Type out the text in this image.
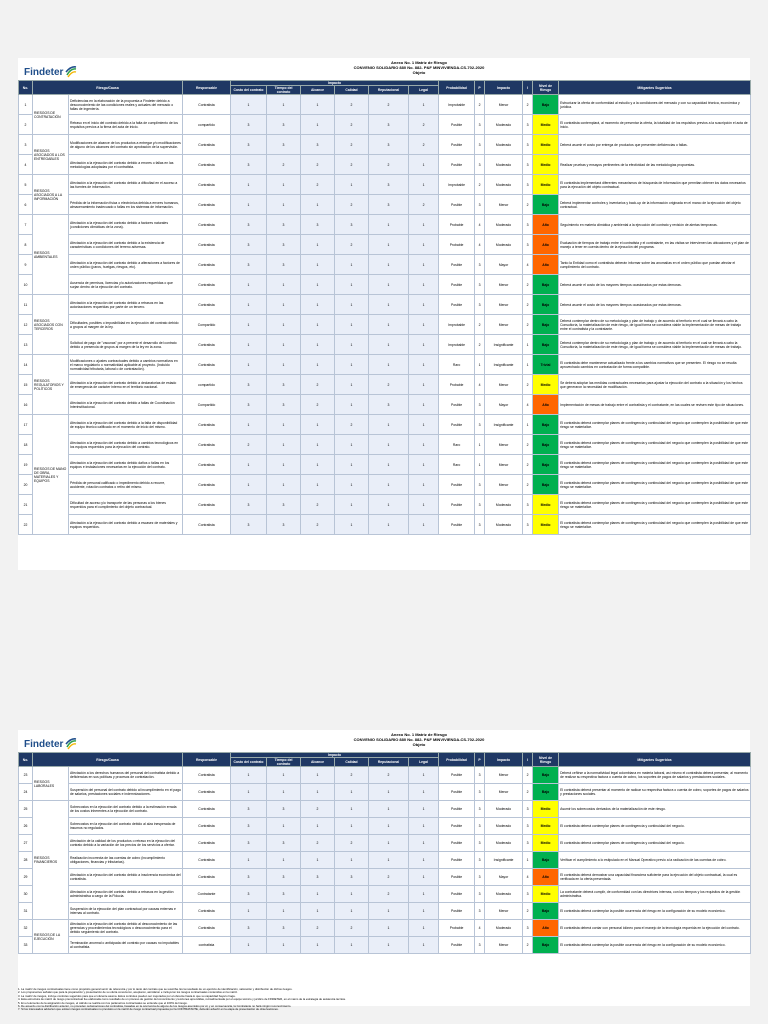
Findeter
Anexo No. 1 Matriz de Riesgo
CONVENIO SOLIDARIO 880 No. 882- P&F MINVIVIENDA-CS-702-2020
Objeto
No.	Riesgo/Causa		Responsable	Impacto						Probabilidad	P	Impacto	I	Nivel de Riesgo	Mitigantes Sugeridos
				Costo del contrato	Tiempo del contrato	Alcance	Calidad	Reputacional	Legal						
1	RIESGOS DE CONTRATACIÓN	Deficiencias en la elaboración de la propuesta a Findeter debido a desconocimiento de las condiciones reales y actuales del mercado o fallas de ingeniería.	Contratista	1	1	1	2	2	1	Improbable	2	Menor	2	Bajo	Estructurar la oferta de conformidad al estudio y a la condiciones del mercado y con su capacidad técnica, económica y jurídica.
2		Retraso en el inicio del contrato debido a la falta de cumplimiento de los requisitos previos a la firma del acta de inicio.	compartido	3	3	1	2	3	2	Posible	3	Moderado	3	Medio	El contratista contemplará, al momento de presentar la oferta, la totalidad de los requisitos previos a la suscripción el acta de inicio.
3	RIESGOS ASOCIADOS A LOS ENTREGABLES	Modificaciones de alcance de los productos a entregar y/o modificaciones de alguno de los alcances del contrato sin aprobación de la supervisión.	Contratista	3	3	3	2	3	2	Posible	3	Moderado	3	Medio	Deberá asumir el costo por entrega de productos que presenten deficiencias o fallas.
4		Afectación a la ejecución del contrato debido a errores o fallas en las metodologías adoptadas por el contratista.	Contratista	3	2	2	2	2	1	Posible	3	Moderado	3	Medio	Realizar pruebas y ensayos pertinentes de la efectividad de las metodologías propuestas.
5	RIESGOS ASOCIADOS A LA INFORMACIÓN	Afectación a la ejecución del contrato debido a dificultad en el acceso a las fuentes de información.	Contratista	1	1	2	1	3	1	Improbable	2	Moderado	3	Medio	El contratista implementará diferentes mecanismos de búsqueda de información que permitan obtener los datos necesarios para la ejecución del objeto contractual.
6		Pérdida de la información física o electrónica debida a errores humanos, almacenamiento inadecuado o fallas en los sistemas de información.	Contratista	1	1	1	2	3	2	Posible	3	Menor	2	Bajo	Deberá implementar controles y inventarios y back-up de la información originada en el marco de la ejecución del objeto contractual.
7	RIESGOS AMBIENTALES	Afectación a la ejecución del contrato debido a factores naturales (condiciones climáticas de la zona).	Contratista	3	3	3	3	1	1	Probable	4	Moderado	3	Alto	Seguimiento en materia climática y ambiental a la ejecución del contrato y revisión de alertas tempranas.
8		Afectación a la ejecución del contrato debido a la existencia de características o condiciones del terreno adversas.	Contratista	3	3	1	2	1	1	Probable	4	Moderado	3	Alto	Evaluación de tiempos de trabajo entre el contratista y el contratante, en las visitas se intervienen las ubicaciones y el plan de manejo a tener en cuenta dentro de la ejecución del programa.
9		Afectación a la ejecución del contrato debido a alteraciones a factores de orden público (paros, huelgas, riesgos, etc).	Contratista	3	3	1	1	1	1	Posible	3	Mayor	4	Alto	Tanto la Entidad como el contratista deberán informar sobre las anomalías en el orden público que puedan afectar el cumplimiento del contrato.
10		Ausencia de permisos, licencias y/o autorizaciones requeridas o que surjan dentro de la ejecución del contrato.	Contratista	1	1	1	1	1	1	Posible	3	Menor	2	Bajo	Deberá asumir el costo de los mayores tiempos ocasionados por estas demoras.
11	RIESGOS ASOCIADOS CON TERCEROS	Afectación a la ejecución del contrato debido a retrasos en las autorizaciones requeridas por parte de un tercero.	Contratista	1	1	1	1	1	1	Posible	3	Menor	2	Bajo	Deberá asumir el costo de los mayores tiempos ocasionados por estas demoras.
12		Dificultades, posibles o imposibilidad en la ejecución del contrato debido a grupos al margen de la ley.	Compartido	1	1	1	1	1	1	Improbable	2	Menor	2	Bajo	Deberá contemplar dentro de su metodología y plan de trabajo y de acuerdo al territorio en el cual se llevará a cabo la Consultoría, la materialización de este riesgo, de igual forma se considera viable la implementación de mesas de trabajo entre el contratista y la contratante.
13		Solicitud de pago de "vacunas" por a prevenir el desarrollo del contrato debido a presencia de grupos al margen de la ley en la zona.	Contratista	1	1	1	1	1	1	Improbable	2	Insignificante	1	Bajo	Deberá contemplar dentro de su metodología y plan de trabajo y de acuerdo al territorio en el cual se llevará a cabo la Consultoría, la materialización de este riesgo, de igual forma se considera viable la implementación de mesas de trabajo.
14	RIESGOS REGULATORIOS Y POLÍTICOS	Modificaciones o ajustes contractuales debido a cambios normativos en el marco regulatorio o normatividad aplicable al proyecto. (Incluido normatividad tributaria, laboral o de contratación).	Contratista	1	1	1	1	1	1	Raro	1	Insignificante	1	Trivial	El contratista debe mantenerse actualizado frente a los cambios normativos que se presenten. El riesgo no se resulta aprovechado cambios en contratación de forma compatible.
15		Afectación a la ejecución del contrato debido a declaratorias de estado de emergencia de carácter interno en el territorio nacional.	compartido	3	3	2	1	2	1	Probable	4	Menor	2	Medio	Se deberá adoptar las medidas contractuales necesarias para ajustar la ejecución del contrato a la situación y los hechos que generaron la necesidad de modificación.
16		Afectación a la ejecución del contrato debido a fallas de Coordinación Interinstitucional.	Compartido	3	3	2	1	3	1	Posible	3	Mayor	4	Alto	Implementación de mesas de trabajo entre el contratista y el contratante, en las cuales se revisen este tipo de situaciones.
17	RIESGOS DE MANO DE OBRA, MATERIALES Y EQUIPOS	Afectación a la ejecución del contrato debido a la falta de disponibilidad de equipo técnico calificado en el momento de inicio del mismo.	Contratista	1	1	1	2	1	1	Posible	3	Insignificante	1	Bajo	El contratista deberá contemplar planes de contingencia y continuidad del negocio que contemplen la posibilidad de que este riesgo se materialice.
18		Afectación a la ejecución del contrato debido a cambios tecnológicos en los equipos requeridos para la ejecución del contrato.	Contratista	2	1	1	1	1	1	Raro	1	Menor	2	Bajo	El contratista deberá contemplar planes de contingencia y continuidad del negocio que contemplen la posibilidad de que este riesgo se materialice.
19		Afectación a la ejecución del contrato debido daños o fallas en los equipos e instalaciones necesarias en la ejecución del contrato.	Contratista	1	1	1	1	1	1	Raro	1	Menor	2	Bajo	El contratista deberá contemplar planes de contingencia y continuidad del negocio que contemplen la posibilidad de que este riesgo se materialice.
20		Pérdida de personal calificado o impedimento debido a recurre, accidente, rotación contratos o retiro del mismo.	Contratista	1	1	1	1	1	1	Posible	3	Menor	2	Bajo	El contratista deberá contemplar planes de contingencia y continuidad del negocio que contemplen la posibilidad de que este riesgo se materialice.
21		Dificultad de acceso y/o transporte de las personas a los bienes requeridos para el cumplimiento del objeto contractual.	Contratista	3	3	2	1	1	1	Posible	3	Moderado	3	Medio	El contratista deberá contemplar planes de contingencia y continuidad del negocio que contemplen la posibilidad de que este riesgo se materialice.
22		Afectación a la ejecución del contrato debido a escasez de materiales y equipos requeridos.	Contratista	3	3	2	1	1	1	Posible	3	Moderado	3	Medio	El contratista deberá contemplar planes de contingencia y continuidad del negocio que contemplen la posibilidad de que este riesgo se materialice.
Findeter
Anexo No. 1 Matriz de Riesgo
CONVENIO SOLIDARIO 880 No. 882- P&F MINVIVIENDA-CS-702-2020
Objeto
No.	Riesgo/Causa		Responsable	Impacto						Probabilidad	P	Impacto	I	Nivel de Riesgo	Mitigantes Sugeridos
				Costo del contrato	Tiempo del contrato	Alcance	Calidad	Reputacional	Legal						
23	RIESGOS LABORALES	Afectación a los derechos humanos del personal del contratista debido a deficiencias en sus políticas y procesos de contratación.	Contratista	1	1	1	2	2	1	Posible	3	Menor	2	Bajo	Deberá ceñirse a la normatividad legal colombiana en materia laboral, así mismo el contratista deberá presentar, al momento de realizar su respectiva factura o cuenta de cobro, los soportes de pagos de salarios y prestaciones sociales.
24		Suspensión del personal del contrato debido al incumplimiento en el pago de salarios, prestaciones sociales e indemnizaciones.	Contratista	1	1	1	1	1	1	Posible	3	Menor	2	Bajo	El contratista deberá presentar al momento de radicar su respectiva factura o cuenta de cobro, soportes de pagos de salarios y prestaciones sociales.
25	RIESGOS FINANCIEROS	Sobrecostos en la ejecución del contrato debido a la estimación errada de los costos inherentes a la ejecución del contrato.	Contratista	3	3	2	1	1	1	Posible	3	Moderado	3	Medio	Asumir los sobrecostos derivados de la materialización de este riesgo.
26		Sobrecostos en la ejecución del contrato debido al alza inesperada de insumos no regulados.	Contratista	3	1	1	1	1	1	Posible	3	Moderado	3	Medio	El contratista deberá contemplar planes de contingencia y continuidad del negocio.
27		Afectación de la calidad de los productos o retraso en la ejecución del contrato debido a la variación de los precios de los servicios a ofertar.	Contratista	3	3	2	2	1	1	Posible	3	Moderado	3	Medio	El contratista deberá contemplar planes de contingencia y continuidad del negocio.
28		Realización incorrecta de las cuentas de cobro (incumplimiento obligaciones, financias y tributarias).	Contratista	1	1	1	1	1	1	Posible	3	Insignificante	1	Bajo	Verificar el cumplimiento a lo estipulado en el Manual Operativo previo a la radicación de las cuentas de cobro.
29		Afectación a la ejecución del contrato debido a insolvencia económica del contratista.	Contratista	3	3	3	3	2	1	Posible	3	Mayor	4	Alto	El contratista deberá demostrar una capacidad financiera suficiente para la ejecución del objeto contractual, la cual es verificada en la oferta presentada.
30		Afectación a la ejecución del contrato debido a retrasos en la gestión administrativa a cargo de la Fiducia.	Contratante	3	3	1	1	2	1	Posible	3	Moderado	3	Medio	La contratante deberá cumplir, de conformidad con las directrices internas, con los tiempos y los requisitos de la gestión administrativa.
31		Suspensión de la ejecución del plan contractual por causas externas e internas al contrato.	Contratista	1	1	1	1	1	1	Posible	3	Menor	2	Bajo	El contratista deberá contemplar la posible ocurrencia del riesgo en la configuración de su modelo económico.
32	RIESGOS DE LA EJECUCIÓN	Afectación a la ejecución del contrato debido al desconocimiento de las gerencias y procedimientos tecnológicos o desconocimiento para el debido seguimiento del contrato.	Contratista	3	3	2	2	1	1	Probable	4	Moderado	3	Alto	El contratista deberá contar con personal idóneo para el manejo de la tecnología requerida en la ejecución del contrato.
33		Terminación anormal o anticipada del contrato por causas no imputables al contratista.	contratista	1	1	1	1	1	1	Posible	3	Menor	2	Bajo	El contratista deberá contemplar la posible ocurrencia del riesgo en la configuración de su modelo económico.
1. La matriz de riesgos contractuales tiene como propósito general servir de referencia y por lo tanto del contrato que se suscriba. Es la resultado de un ejercicio de identificación, valoración y distribución de dichos riesgos.
2. Los proponentes señalan que para la preparación y presentación de su oferta conocieron, aceptaron, asimilaron e incluyeron los riesgos contractuales contenidos en la matriz.
3. La matriz de riesgos, incluye controles sugeridos para que el oferente asuma. Estos controles pueden ser mejorados por el oferente hasta lo que su capacidad haya lo haga.
4. Esta estructura de matriz de riesgo precontractual fue elaborada como resultado de un proceso de gestión del conocimiento y lecciones aprendidas, retroalimentada por el equipo técnico y jurídico de FINDETER, en el marco de la estrategia de asistencia técnica.
5. En el elemento de la asignación de riesgos, el cálculo se realiza con los parámetros contractuales se entiende que el 100% del riesgo.
6. De acuerdo con la distribución anterior, no proceden reclamaciones del contratista, basadas en la ocurrencia de alguno de los riesgos asumidos por él, y en consecuencia, la Contratante no hará ningún reconocimiento.
7. Si los interesados advierten que existen riesgos contractuales no previstos en la matriz de riesgo contractual propuesta por la CONTRATANTE, deberán advertir en la etapa de presentación de observaciones.
